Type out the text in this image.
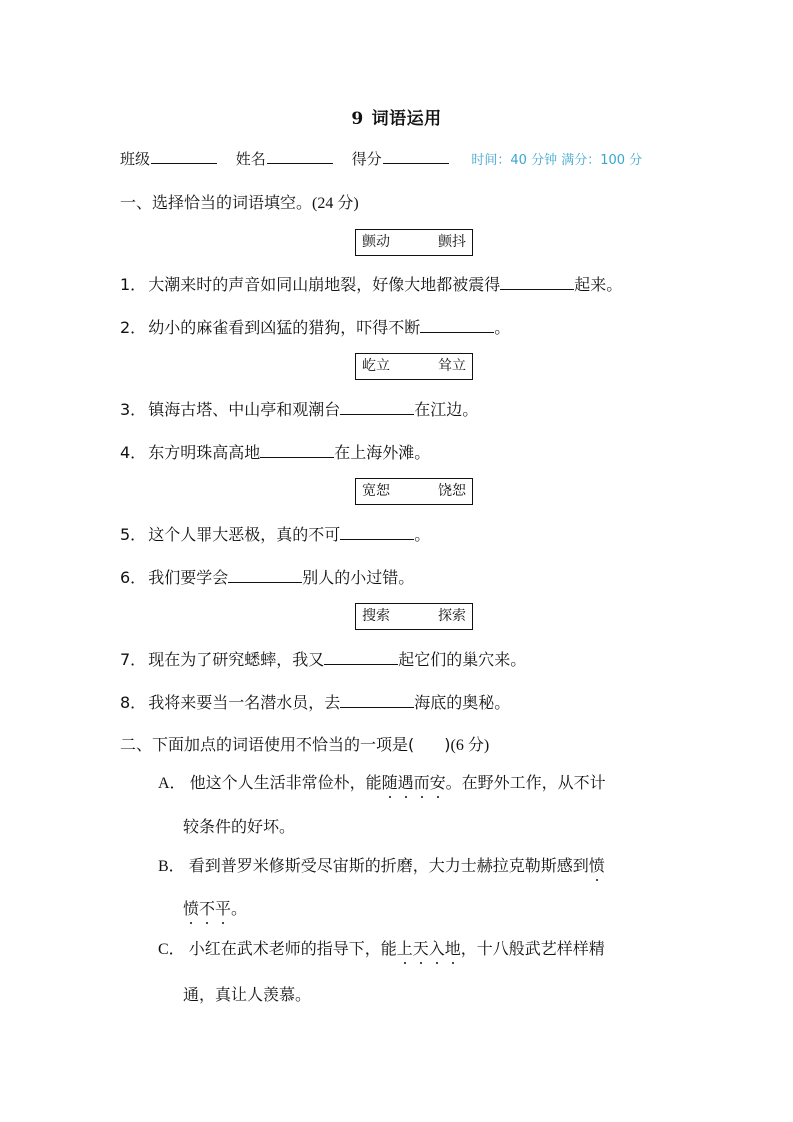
9 词语运用
班级	姓名	得分	时间：40 分钟 满分：100 分
一、选择恰当的词语填空。(24 分)
颤动	颤抖
1． 大潮来时的声音如同山崩地裂，好像大地都被震得	起来。
2． 幼小的麻雀看到凶猛的猎狗，吓得不断	。
屹立	耸立
3． 镇海古塔、中山亭和观潮台	在江边。
4． 东方明珠高高地	在上海外滩。
宽恕	饶恕
5． 这个人罪大恶极，真的不可	。
6． 我们要学会	别人的小过错。
搜索	探索
7． 现在为了研究蟋蟀，我又	起它们的巢穴来。
8． 我将来要当一名潜水员，去	海底的奥秘。
二、下面加点的词语使用不恰当的一项是( )(6 分)
A． 他这个人生活非常俭朴，能随遇而安。在野外工作，从不计
较条件的好坏。
B． 看到普罗米修斯受尽宙斯的折磨，大力士赫拉克勒斯感到愤
愤不平。
C． 小红在武术老师的指导下，能上天入地，十八般武艺样样精
通，真让人羡慕。
